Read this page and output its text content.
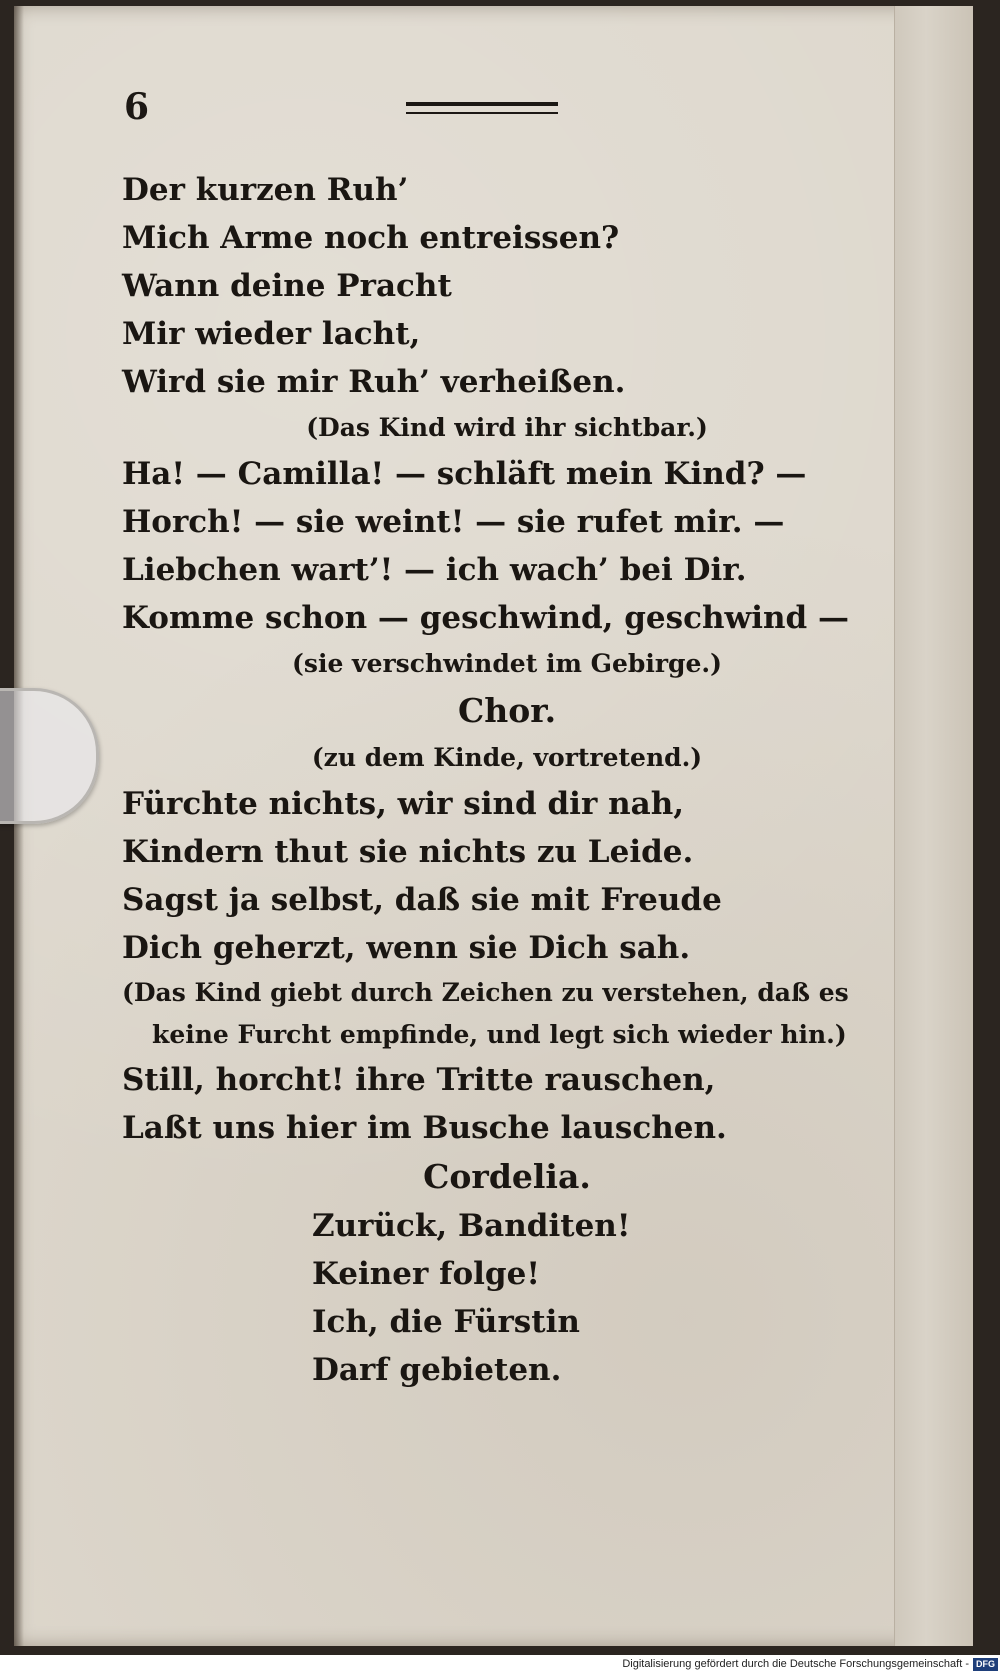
6
Der kurzen Ruh’
Mich Arme noch entreissen?
Wann deine Pracht
Mir wieder lacht,
Wird sie mir Ruh’ verheißen.
(Das Kind wird ihr sichtbar.)
Ha! — Camilla! — schläft mein Kind? —
Horch! — sie weint! — sie rufet mir. —
Liebchen wart’! — ich wach’ bei Dir.
Komme schon — geschwind, geschwind —
(sie verschwindet im Gebirge.)
Chor.
(zu dem Kinde, vortretend.)
Fürchte nichts, wir sind dir nah,
Kindern thut sie nichts zu Leide.
Sagst ja selbst, daß sie mit Freude
Dich geherzt, wenn sie Dich sah.
(Das Kind giebt durch Zeichen zu verstehen, daß es keine Furcht empfinde, und legt sich wieder hin.)
Still, horcht! ihre Tritte rauschen,
Laßt uns hier im Busche lauschen.
Cordelia.
Zurück, Banditen!
Keiner folge!
Ich, die Fürstin
Darf gebieten.
Digitalisierung gefördert durch die Deutsche Forschungsgemeinschaft - DFG
